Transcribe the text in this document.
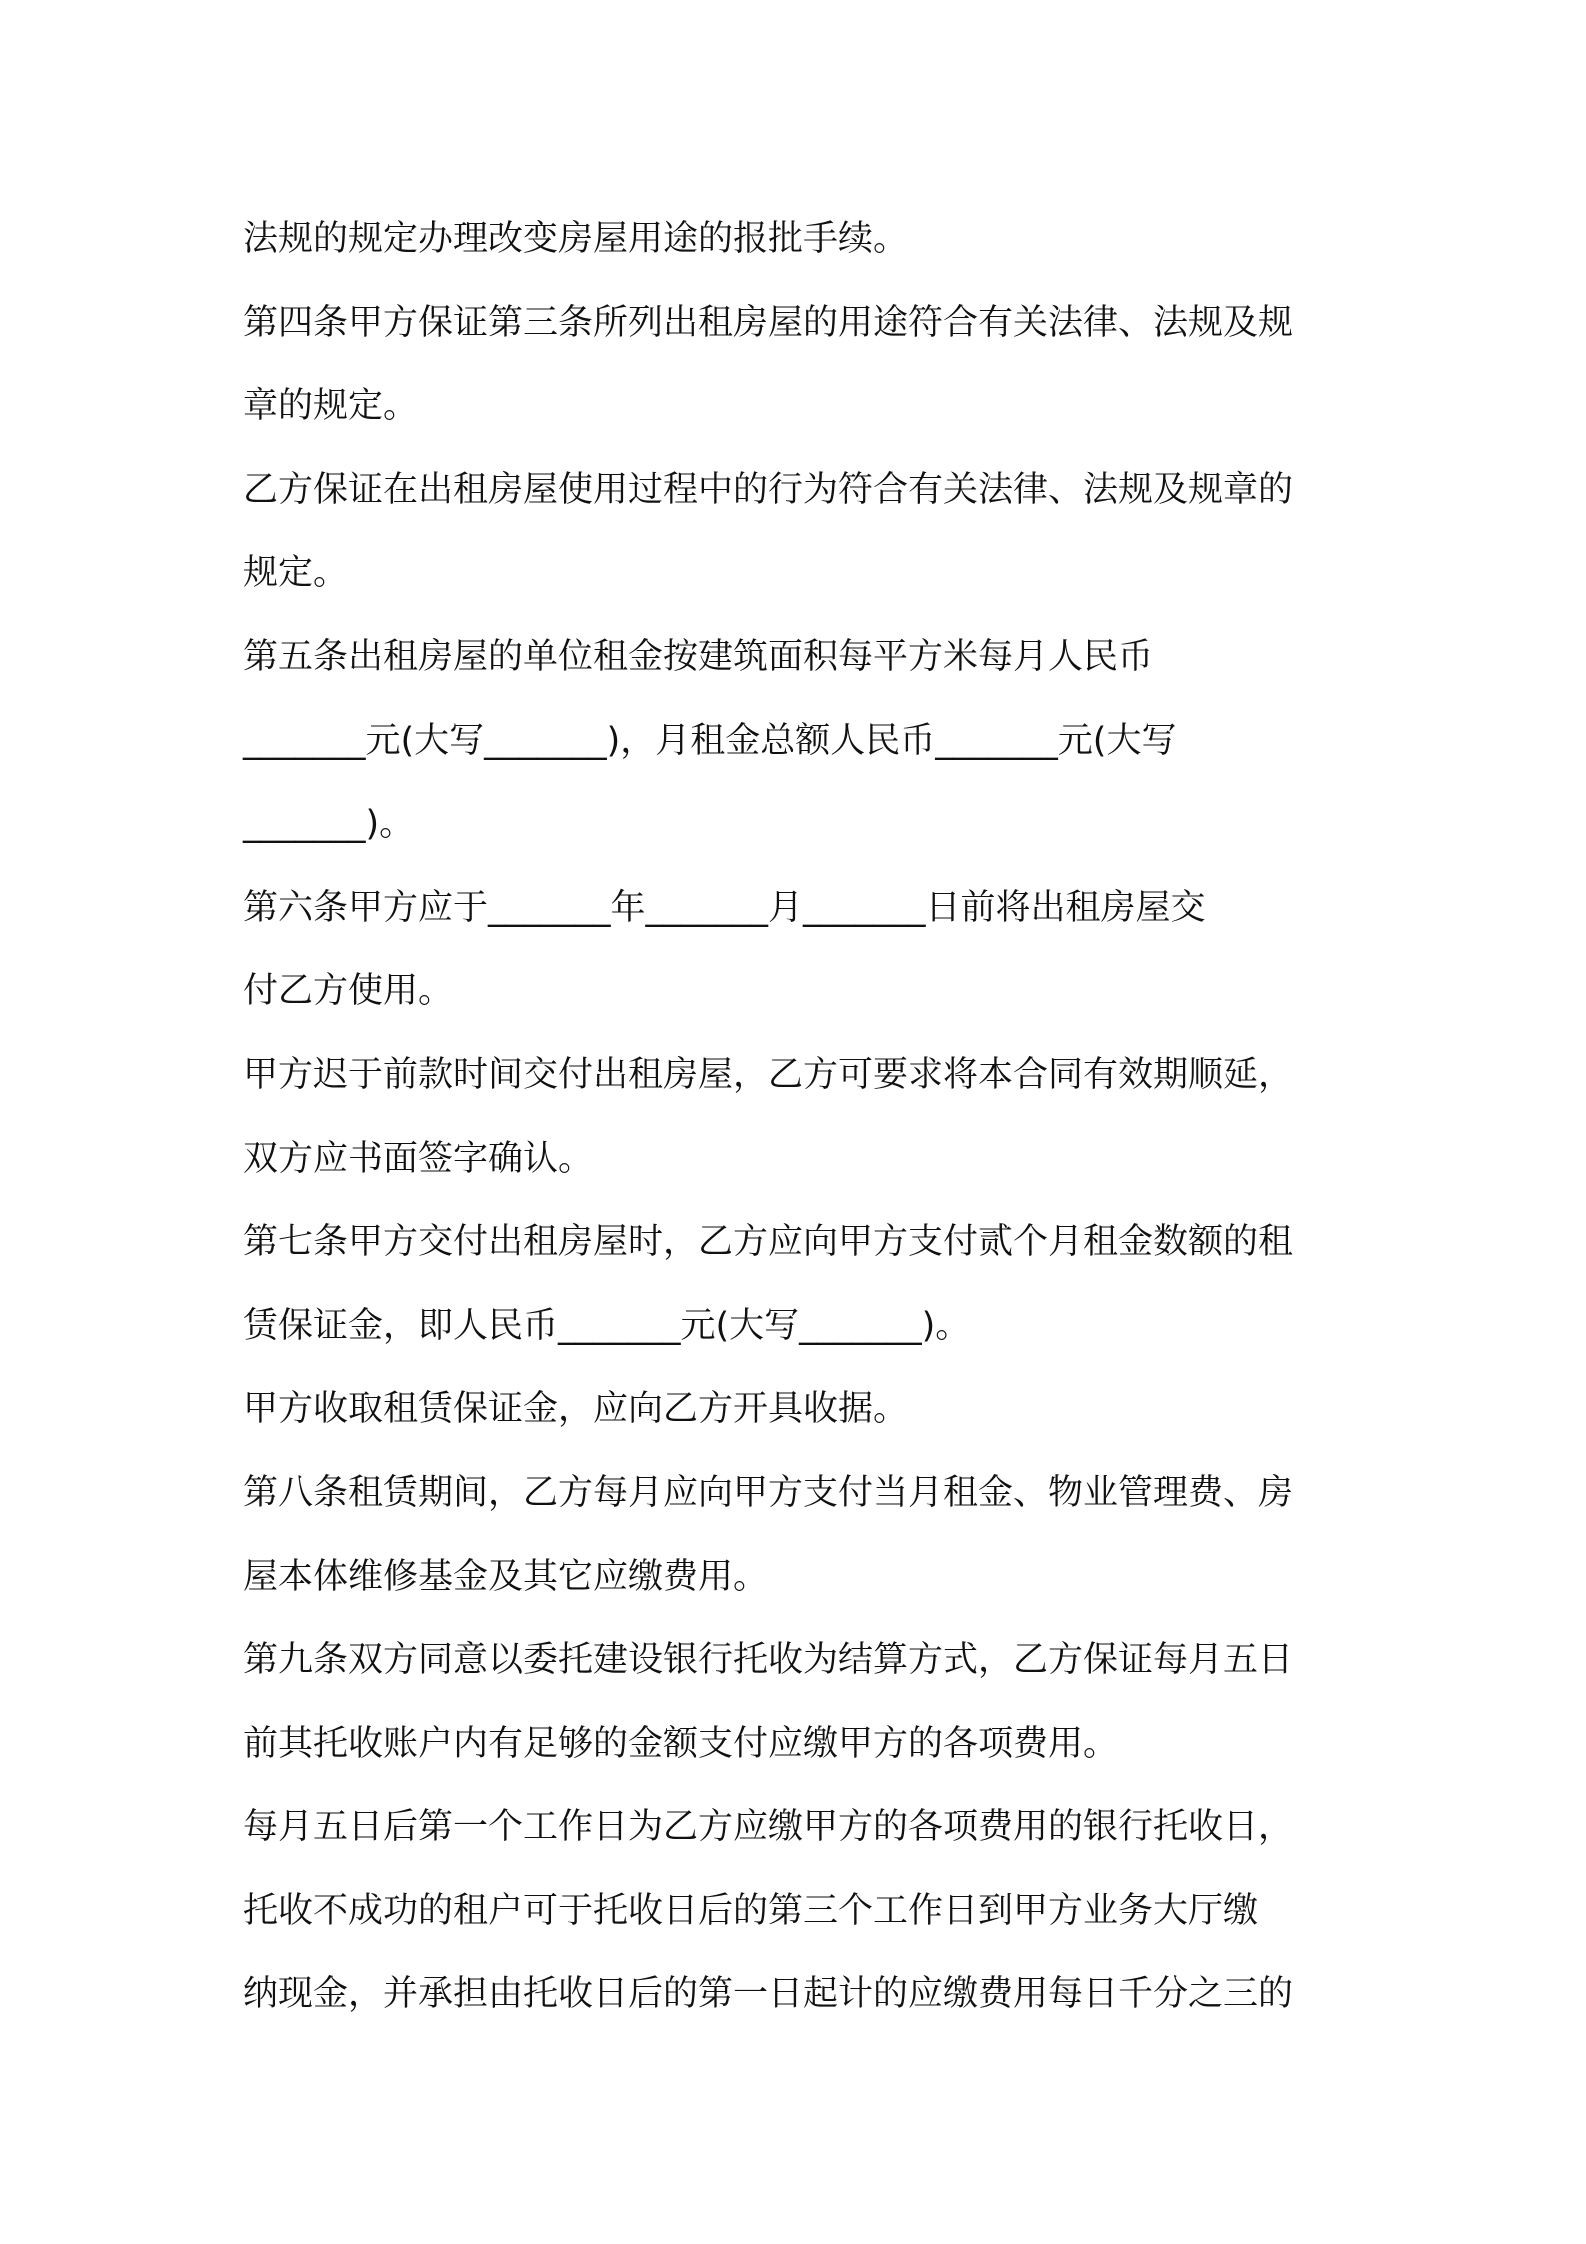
法规的规定办理改变房屋用途的报批手续。
第四条甲方保证第三条所列出租房屋的用途符合有关法律、法规及规
章的规定。
乙方保证在出租房屋使用过程中的行为符合有关法律、法规及规章的
规定。
第五条出租房屋的单位租金按建筑面积每平方米每月人民币
_______元(大写_______)，月租金总额人民币_______元(大写
_______)。
第六条甲方应于_______年_______月_______日前将出租房屋交
付乙方使用。
甲方迟于前款时间交付出租房屋，乙方可要求将本合同有效期顺延，
双方应书面签字确认。
第七条甲方交付出租房屋时，乙方应向甲方支付贰个月租金数额的租
赁保证金，即人民币_______元(大写_______)。
甲方收取租赁保证金，应向乙方开具收据。
第八条租赁期间，乙方每月应向甲方支付当月租金、物业管理费、房
屋本体维修基金及其它应缴费用。
第九条双方同意以委托建设银行托收为结算方式，乙方保证每月五日
前其托收账户内有足够的金额支付应缴甲方的各项费用。
每月五日后第一个工作日为乙方应缴甲方的各项费用的银行托收日，
托收不成功的租户可于托收日后的第三个工作日到甲方业务大厅缴
纳现金，并承担由托收日后的第一日起计的应缴费用每日千分之三的
